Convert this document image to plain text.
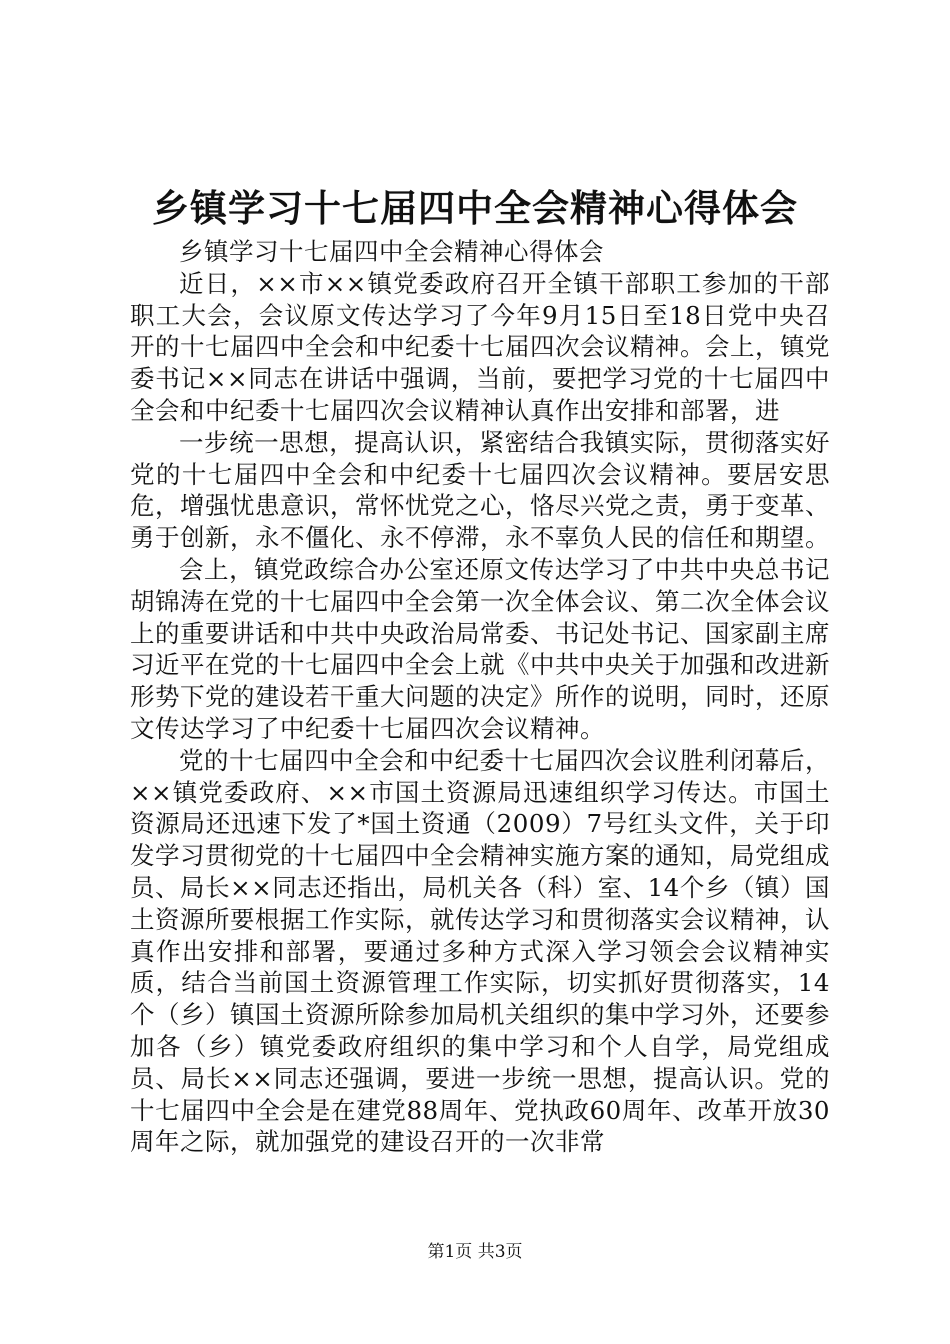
乡镇学习十七届四中全会精神心得体会

乡镇学习十七届四中全会精神心得体会

近日，××市××镇党委政府召开全镇干部职工参加的干部职工大会，会议原文传达学习了今年9月15日至18日党中央召开的十七届四中全会和中纪委十七届四次会议精神。会上，镇党委书记××同志在讲话中强调，当前，要把学习党的十七届四中全会和中纪委十七届四次会议精神认真作出安排和部署，进

一步统一思想，提高认识，紧密结合我镇实际，贯彻落实好党的十七届四中全会和中纪委十七届四次会议精神。要居安思危，增强忧患意识，常怀忧党之心，恪尽兴党之责，勇于变革、勇于创新，永不僵化、永不停滞，永不辜负人民的信任和期望。

会上，镇党政综合办公室还原文传达学习了中共中央总书记胡锦涛在党的十七届四中全会第一次全体会议、第二次全体会议上的重要讲话和中共中央政治局常委、书记处书记、国家副主席习近平在党的十七届四中全会上就《中共中央关于加强和改进新形势下党的建设若干重大问题的决定》所作的说明，同时，还原文传达学习了中纪委十七届四次会议精神。

党的十七届四中全会和中纪委十七届四次会议胜利闭幕后，××镇党委政府、××市国土资源局迅速组织学习传达。市国土资源局还迅速下发了*国土资通（2009）7号红头文件，关于印发学习贯彻党的十七届四中全会精神实施方案的通知，局党组成员、局长××同志还指出，局机关各（科）室、14个乡（镇）国土资源所要根据工作实际，就传达学习和贯彻落实会议精神，认真作出安排和部署，要通过多种方式深入学习领会会议精神实质，结合当前国土资源管理工作实际，切实抓好贯彻落实，14个（乡）镇国土资源所除参加局机关组织的集中学习外，还要参加各（乡）镇党委政府组织的集中学习和个人自学，局党组成员、局长××同志还强调，要进一步统一思想，提高认识。党的十七届四中全会是在建党88周年、党执政60周年、改革开放30周年之际，就加强党的建设召开的一次非常

第1页 共3页
